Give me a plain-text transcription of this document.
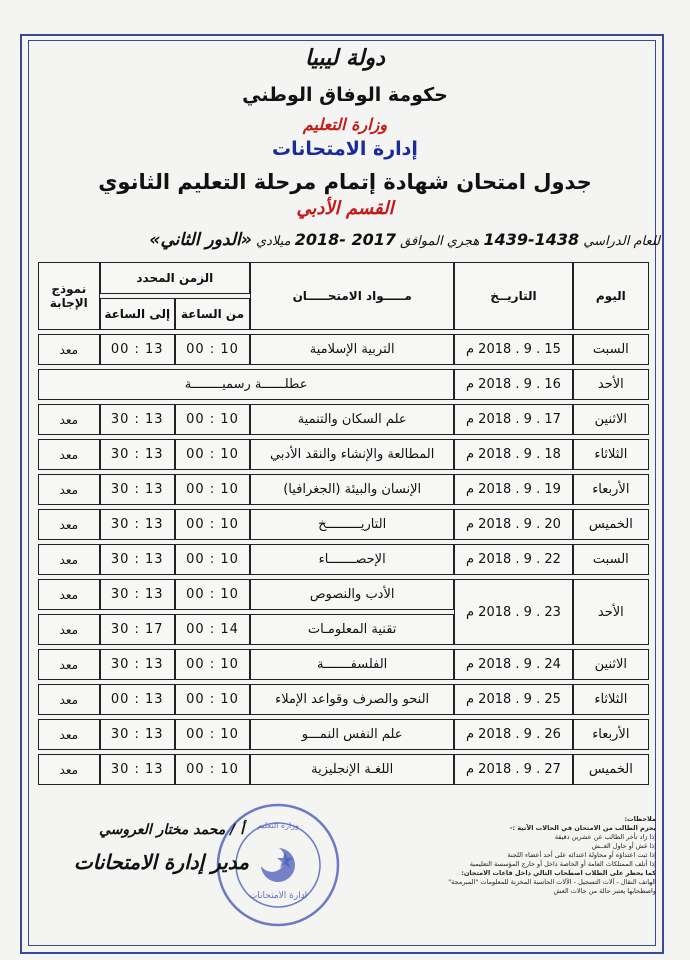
دولة ليبيا
حكومة الوفاق الوطني
وزارة التعليم
إدارة الامتحانات
جدول امتحان شهادة إتمام مرحلة التعليم الثانوي
القسم الأدبي
للعام الدراسي 1438-1439 هجري الموافق 2017 -2018 ميلادي «الدور الثاني»
اليوم	التاريــخ	مـــــواد الامتحـــــان	الزمن المحدد		نموذج الإجابة
			من الساعة	إلى الساعة	
السبت	15 . 9 . 2018 م	التربية الإسلامية	10 : 00	13 : 00	معد
الأحد	16 . 9 . 2018 م	عطلــــــة رسميــــــــة			
الاثنين	17 . 9 . 2018 م	علم السكان والتنمية	10 : 00	13 : 30	معد
الثلاثاء	18 . 9 . 2018 م	المطالعة والإنشاء والنقد الأدبي	10 : 00	13 : 30	معد
الأربعاء	19 . 9 . 2018 م	الإنسان والبيئة (الجغرافيا)	10 : 00	13 : 30	معد
الخميس	20 . 9 . 2018 م	التاريـــــــــخ	10 : 00	13 : 30	معد
السبت	22 . 9 . 2018 م	الإحصـــــــاء	10 : 00	13 : 30	معد
الأحد	23 . 9 . 2018 م	الأدب والنصوص	10 : 00	13 : 30	معد
		تقنية المعلومـات	14 : 00	17 : 30	معد
الاثنين	24 . 9 . 2018 م	الفلسفـــــــة	10 : 00	13 : 30	معد
الثلاثاء	25 . 9 . 2018 م	النحو والصرف وقواعد الإملاء	10 : 00	13 : 00	معد
الأربعاء	26 . 9 . 2018 م	علم النفس النمـــو	10 : 00	13 : 30	معد
الخميس	27 . 9 . 2018 م	اللغـة الإنجليزية	10 : 00	13 : 30	معد
ملاحظات:
يحرم الطالب من الامتحان في الحالات الآتية :-
إذا زاد تأخر الطالب عن عشرين دقيقة
إذا غش أو حاول الغــش
إذا ثبت اعتداؤه أو محاولة اعتدائه على أحد أعضاء اللجنة
إذا أتلف الممتلكات العامة أو الخاصة داخل أو خارج المؤسسة التعليمية
كما يحظر على الطلاب اصطحاب التالي داخل قاعات الامتحان:
الهاتف النقال - آلات التسجيل - الآلات الحاسبة المخزنة للمعلومات "المبرمجة"
واصطحابها يعتبر حالة من حالات الغش
ادارة الامتحانات
وزارة التعليم
أ / محمد مختار العروسي
مدير إدارة الامتحانات
